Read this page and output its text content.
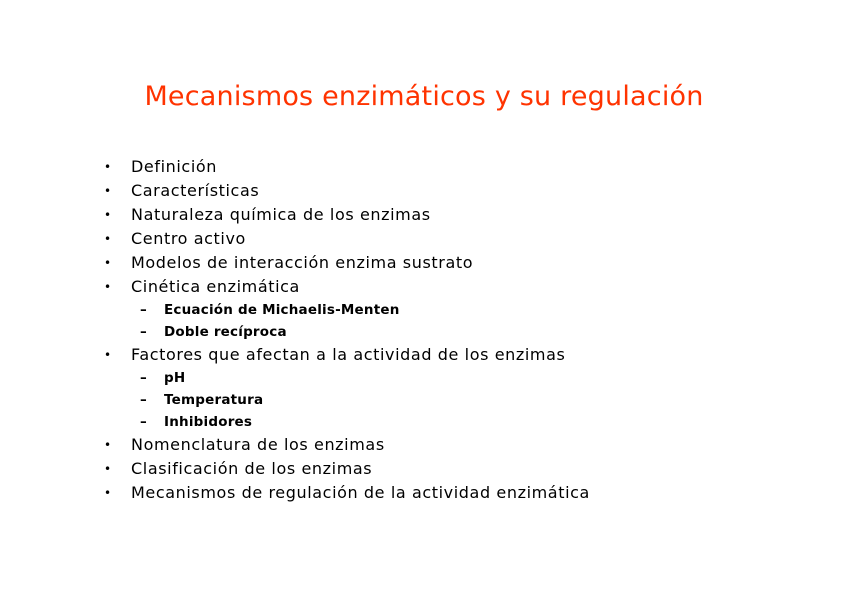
Mecanismos enzimáticos y su regulación
• Definición
• Características
• Naturaleza química de los enzimas
• Centro activo
• Modelos de interacción enzima sustrato
• Cinética enzimática
– Ecuación de Michaelis-Menten
– Doble recíproca
• Factores que afectan a la actividad de los enzimas
– pH
– Temperatura
– Inhibidores
• Nomenclatura de los enzimas
• Clasificación de los enzimas
• Mecanismos de regulación de la actividad enzimática
